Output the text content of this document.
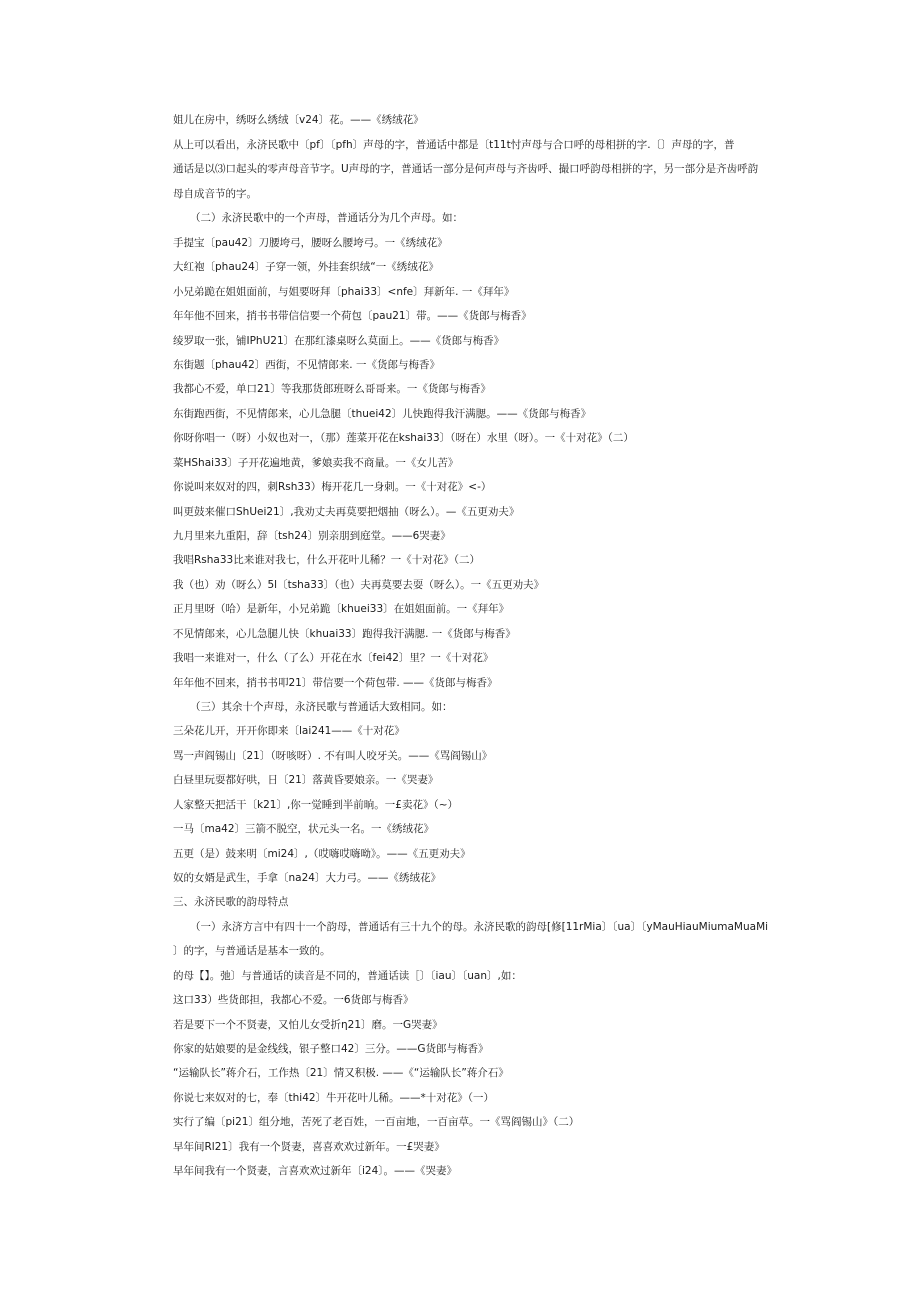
姐儿在房中，绣呀么绣绒〔v24〕花。——《绣绒花》
从上可以看出，永济民歌中〔pf〕〔pfh〕声母的字，普通话中都是〔t11t忖声母与合口呼的母相拼的字.〔〕声母的字，普
通话是以⑶口起头的零声母音节字。U声母的字，普通话一部分是何声母与齐齿呼、撮口呼韵母相拼的字，另一部分是齐齿呼韵
母自成音节的字。
（二）永济民歌中的一个声母，普通话分为几个声母。如：
手提宝〔pau42〕刀腰垮弓，腰呀么腰垮弓。一《绣绒花》
大红袍〔phau24〕子穿一领，外挂套织绒“一《绣绒花》
小兄弟跪在姐姐面前，与姐要呀拜〔phai33〕<nfe〕拜新年. 一《拜年》
年年他不回来，捎书书带信信要一个荷包〔pau21〕带。——《货郎与梅香》
绫罗取一张，铺IPhU21〕在那红漆桌呀么莫面上。——《货郎与梅香》
东街题〔phau42〕西街，不见情郎来. 一《货郎与梅香》
我都心不爱，单口21〕等我那货郎班呀么哥哥来。一《货郎与梅香》
东街跑西街，不见情郎来，心儿急腿〔thuei42〕儿快跑得我汗满腮。——《货郎与梅香》
你呀你唱一（呀）小奴也对一，（那）莲菜开花在kshai33〕（呀在）水里（呀）。一《十对花》（二）
菜HShai33〕子开花遍地黄，爹娘卖我不商量。一《女儿苦》
你说叫来奴对的四，刺Rsh33）梅开花几一身刺。一《十对花》<-）
叫更鼓来催口ShUei21〕,我劝丈夫再莫要把烟抽（呀么）。—《五更劝夫》
九月里来九重阳，辞〔tsh24〕别亲朋到庭堂。——6哭妻》
我唱Rsha33比来谁对我七，什么开花叶儿稀？一《十对花》（二）
我（也）劝（呀么）5l〔tsha33〕（也）夫再莫要去耍（呀么）。一《五更劝夫》
正月里呀（哈）是新年，小兄弟跪〔khuei33〕在姐姐面前。一《拜年》
不见情郎来，心儿急腿儿快〔khuai33〕跑得我汗满腮. 一《货郎与梅香》
我唱一来谁对一，什么（了么）开花在水〔fei42〕里？一《十对花》
年年他不回来，捎书书叩21〕带信要一个荷包带. ——《货郎与梅香》
（三）其余十个声母，永济民歌与普通话大致相同。如：
三朵花儿开，开开你即来〔lai241——《十对花》
骂一声阎锡山〔21〕（呀咳呀）. 不有叫人咬牙关。——《骂阎锡山》
白昼里玩耍都好哄，日〔21〕落黄昏要娘亲。一《哭妻》
人家整天把活干〔k21〕,你一觉睡到半前晌。一£卖花》（~）
一马〔ma42〕三箭不脱空，状元头一名。一《绣绒花》
五更（是）鼓来明〔mi24〕,（哎嗨哎嗨呦》。——《五更劝夫》
奴的女婿是武生，手拿〔na24〕大力弓。——《绣绒花》
三、永济民歌的韵母特点
（一）永济方言中有四十一个韵母，普通话有三十九个的母。永济民歌的韵母[修[11rMia〕〔ua〕〔yMauHiauMiumaMuaMi
〕的字，与普通话是基本一致的。
的母【】。弛〕与普通话的读音是不同的，普通话读［〕〔iau〕〔uan〕,如：
这口33）些货郎担，我都心不爱。一6货郎与梅香》
若是要下一个不贤妻，又怕儿女受折η21〕磨。一G哭妻》
你家的姑娘要的是金线线，银子整口42〕三分。——G货郎与梅香》
“运输队长”蒋介石，工作热〔21〕情又积极. ——《“运输队长”蒋介石》
你说七来奴对的七，奉〔thi42〕牛开花叶儿稀。——*十对花》（一）
实行了编〔pi21〕组分地，苦死了老百姓，一百亩地，一百亩草。一《骂阎锡山》（二）
早年间Rl21〕我有一个贤妻，喜喜欢欢过新年。一£哭妻》
早年间我有一个贤妻，言喜欢欢过新年〔i24〕。——《哭妻》
